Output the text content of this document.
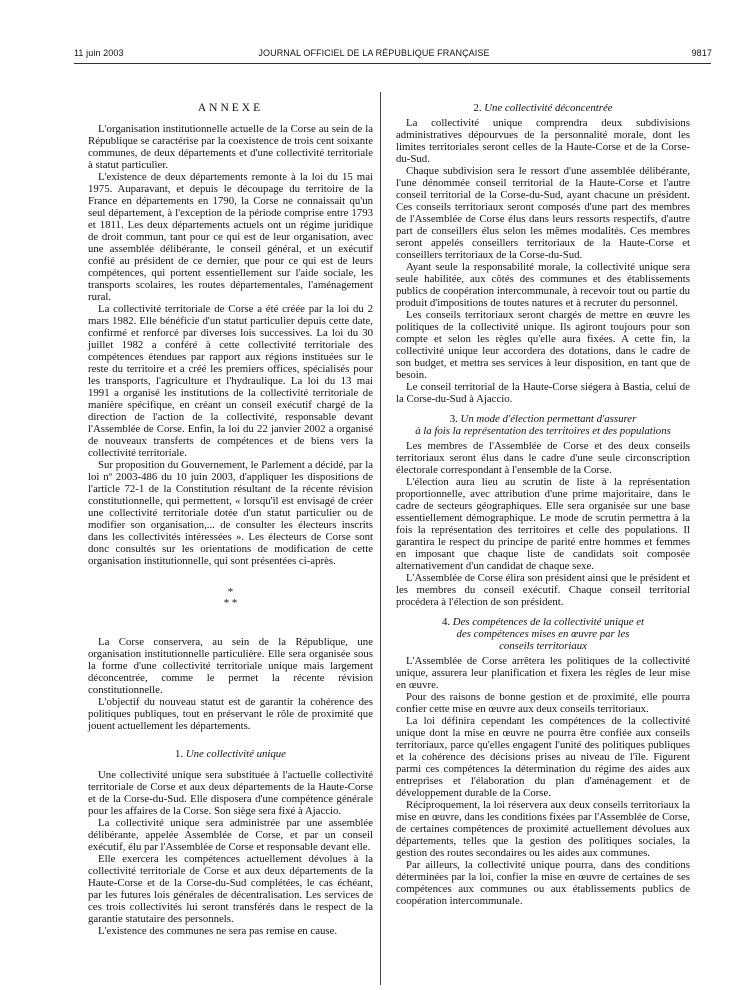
11 juin 2003	JOURNAL OFFICIEL DE LA RÉPUBLIQUE FRANÇAISE	9817
ANNEXE

L'organisation institutionnelle actuelle de la Corse au sein de la République se caractérise par la coexistence de trois cent soixante communes, de deux départements et d'une collectivité territoriale à statut particulier.

L'existence de deux départements remonte à la loi du 15 mai 1975. Auparavant, et depuis le découpage du territoire de la France en départements en 1790, la Corse ne connaissait qu'un seul département, à l'exception de la période comprise entre 1793 et 1811. Les deux départements actuels ont un régime juridique de droit commun, tant pour ce qui est de leur organisation, avec une assemblée délibérante, le conseil général, et un exécutif confié au président de ce dernier, que pour ce qui est de leurs compétences, qui portent essentiellement sur l'aide sociale, les transports scolaires, les routes départementales, l'aménagement rural.

La collectivité territoriale de Corse a été créée par la loi du 2 mars 1982. Elle bénéficie d'un statut particulier depuis cette date, confirmé et renforcé par diverses lois successives. La loi du 30 juillet 1982 a conféré à cette collectivité territoriale des compétences étendues par rapport aux régions instituées sur le reste du territoire et a créé les premiers offices, spécialisés pour les transports, l'agriculture et l'hydraulique. La loi du 13 mai 1991 a organisé les institutions de la collectivité territoriale de manière spécifique, en créant un conseil exécutif chargé de la direction de l'action de la collectivité, responsable devant l'Assemblée de Corse. Enfin, la loi du 22 janvier 2002 a organisé de nouveaux transferts de compétences et de biens vers la collectivité territoriale.

Sur proposition du Gouvernement, le Parlement a décidé, par la loi nº 2003-486 du 10 juin 2003, d'appliquer les dispositions de l'article 72-1 de la Constitution résultant de la récente révision constitutionnelle, qui permettent, « lorsqu'il est envisagé de créer une collectivité territoriale dotée d'un statut particulier ou de modifier son organisation,... de consulter les électeurs inscrits dans les collectivités intéressées ». Les électeurs de Corse sont donc consultés sur les orientations de modification de cette organisation institutionnelle, qui sont présentées ci-après.

*
* *

La Corse conservera, au sein de la République, une organisation institutionnelle particulière. Elle sera organisée sous la forme d'une collectivité territoriale unique mais largement déconcentrée, comme le permet la récente révision constitutionnelle.

L'objectif du nouveau statut est de garantir la cohérence des politiques publiques, tout en préservant le rôle de proximité que jouent actuellement les départements.

1. Une collectivité unique

Une collectivité unique sera substituée à l'actuelle collectivité territoriale de Corse et aux deux départements de la Haute-Corse et de la Corse-du-Sud. Elle disposera d'une compétence générale pour les affaires de la Corse. Son siège sera fixé à Ajaccio.

La collectivité unique sera administrée par une assemblée délibérante, appelée Assemblée de Corse, et par un conseil exécutif, élu par l'Assemblée de Corse et responsable devant elle.

Elle exercera les compétences actuellement dévolues à la collectivité territoriale de Corse et aux deux départements de la Haute-Corse et de la Corse-du-Sud complétées, le cas échéant, par les futures lois générales de décentralisation. Les services de ces trois collectivités lui seront transférés dans le respect de la garantie statutaire des personnels.

L'existence des communes ne sera pas remise en cause.

2. Une collectivité déconcentrée

La collectivité unique comprendra deux subdivisions administratives dépourvues de la personnalité morale, dont les limites territoriales seront celles de la Haute-Corse et de la Corse-du-Sud.

Chaque subdivision sera le ressort d'une assemblée délibérante, l'une dénommée conseil territorial de la Haute-Corse et l'autre conseil territorial de la Corse-du-Sud, ayant chacune un président. Ces conseils territoriaux seront composés d'une part des membres de l'Assemblée de Corse élus dans leurs ressorts respectifs, d'autre part de conseillers élus selon les mêmes modalités. Ces membres seront appelés conseillers territoriaux de la Haute-Corse et conseillers territoriaux de la Corse-du-Sud.

Ayant seule la responsabilité morale, la collectivité unique sera seule habilitée, aux côtés des communes et des établissements publics de coopération intercommunale, à recevoir tout ou partie du produit d'impositions de toutes natures et à recruter du personnel.

Les conseils territoriaux seront chargés de mettre en œuvre les politiques de la collectivité unique. Ils agiront toujours pour son compte et selon les règles qu'elle aura fixées. A cette fin, la collectivité unique leur accordera des dotations, dans le cadre de son budget, et mettra ses services à leur disposition, en tant que de besoin.

Le conseil territorial de la Haute-Corse siégera à Bastia, celui de la Corse-du-Sud à Ajaccio.

3. Un mode d'élection permettant d'assurer
à la fois la représentation des territoires et des populations

Les membres de l'Assemblée de Corse et des deux conseils territoriaux seront élus dans le cadre d'une seule circonscription électorale correspondant à l'ensemble de la Corse.

L'élection aura lieu au scrutin de liste à la représentation proportionnelle, avec attribution d'une prime majoritaire, dans le cadre de secteurs géographiques. Elle sera organisée sur une base essentiellement démographique. Le mode de scrutin permettra à la fois la représentation des territoires et celle des populations. Il garantira le respect du principe de parité entre hommes et femmes en imposant que chaque liste de candidats soit composée alternativement d'un candidat de chaque sexe.

L'Assemblée de Corse élira son président ainsi que le président et les membres du conseil exécutif. Chaque conseil territorial procédera à l'élection de son président.

4. Des compétences de la collectivité unique et
des compétences mises en œuvre par les
conseils territoriaux

L'Assemblée de Corse arrêtera les politiques de la collectivité unique, assurera leur planification et fixera les règles de leur mise en œuvre.

Pour des raisons de bonne gestion et de proximité, elle pourra confier cette mise en œuvre aux deux conseils territoriaux.

La loi définira cependant les compétences de la collectivité unique dont la mise en œuvre ne pourra être confiée aux conseils territoriaux, parce qu'elles engagent l'unité des politiques publiques et la cohérence des décisions prises au niveau de l'île. Figurent parmi ces compétences la détermination du régime des aides aux entreprises et l'élaboration du plan d'aménagement et de développement durable de la Corse.

Réciproquement, la loi réservera aux deux conseils territoriaux la mise en œuvre, dans les conditions fixées par l'Assemblée de Corse, de certaines compétences de proximité actuellement dévolues aux départements, telles que la gestion des politiques sociales, la gestion des routes secondaires ou les aides aux communes.

Par ailleurs, la collectivité unique pourra, dans des conditions déterminées par la loi, confier la mise en œuvre de certaines de ses compétences aux communes ou aux établissements publics de coopération intercommunale.
